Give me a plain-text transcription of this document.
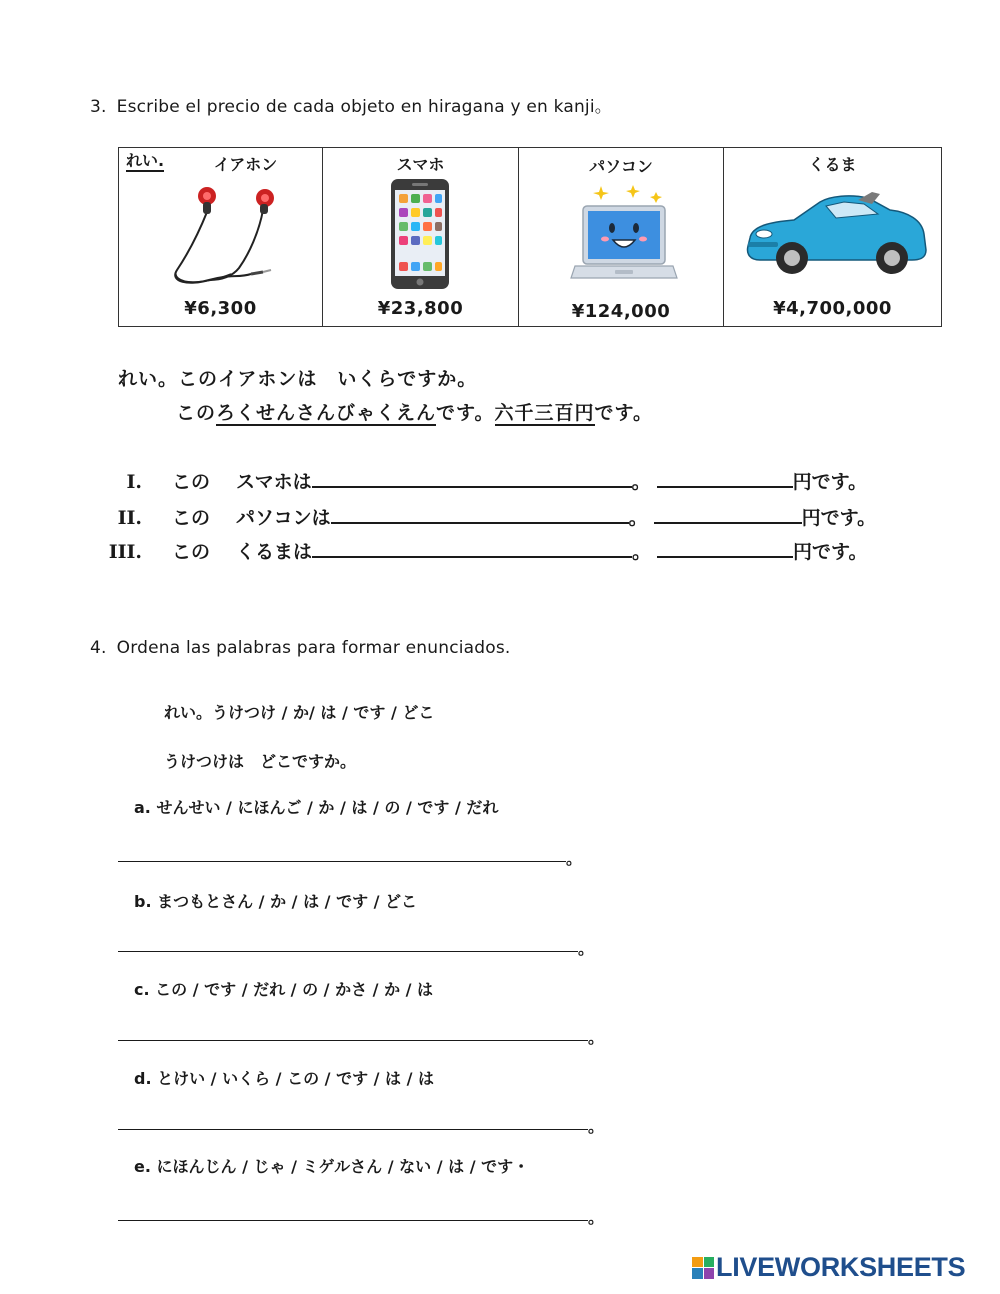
3. Escribe el precio de cada objeto en hiragana y en kanji。
れい.	イアホン
¥6,300

スマホ
¥23,800

パソコン
¥124,000

くるま
¥4,700,000
れい。このイアホンは　いくらですか。
このろくせんさんびゃくえんです。六千三百円です。
I. この スマホは	。	円です。
II. この パソコンは	。	円です。
III. この くるまは	。	円です。
4. Ordena las palabras para formar enunciados.
れい。うけつけ / か/ は / です / どこ
うけつけは　どこですか。
a. せんせい / にほんご / か / は / の / です / だれ
。
b. まつもとさん / か / は / です / どこ
。
c. この / です / だれ / の / かさ / か / は
。
d. とけい / いくら / この / です / は / は
。
e. にほんじん / じゃ / ミゲルさん / ない / は / です・
。
LIVEWORKSHEETS
